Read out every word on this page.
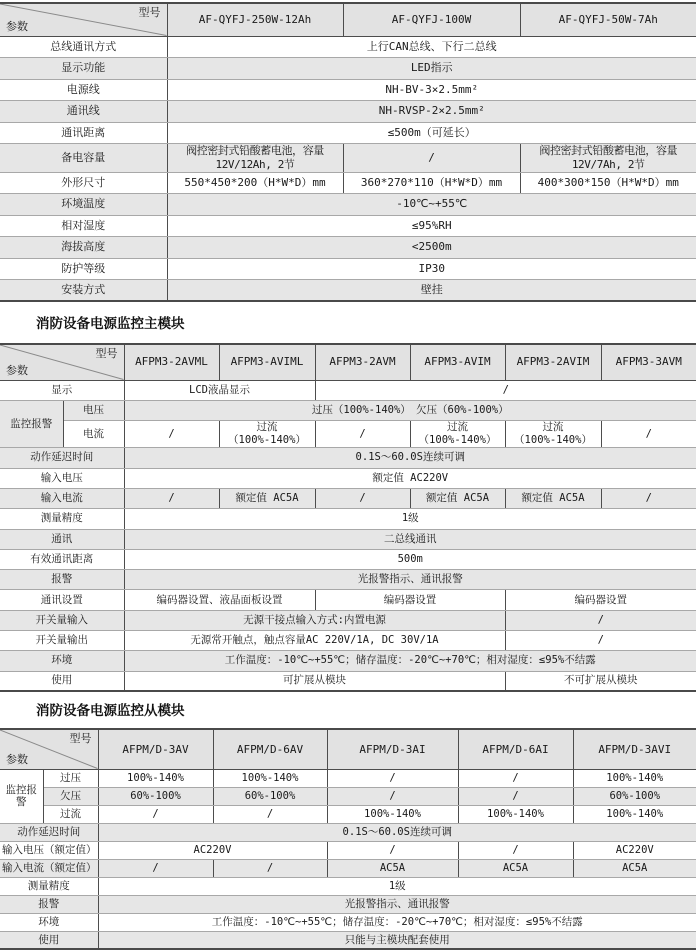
型号
参数	AF-QYFJ-250W-12Ah	AF-QYFJ-100W	AF-QYFJ-50W-7Ah
总线通讯方式	上行CAN总线、下行二总线		
显示功能	LED指示		
电源线	NH-BV-3×2.5mm²		
通讯线	NH-RVSP-2×2.5mm²		
通讯距离	≤500m（可延长）		
备电容量	阀控密封式铅酸蓄电池，容量12V/12Ah, 2节	/	阀控密封式铅酸蓄电池，容量12V/7Ah, 2节
外形尺寸	550*450*200（H*W*D）mm	360*270*110（H*W*D）mm	400*300*150（H*W*D）mm
环境温度	-10℃~+55℃		
相对湿度	≤95%RH		
海拔高度	<2500m		
防护等级	IP30		
安装方式	壁挂		
消防设备电源监控主模块
型号
参数		AFPM3-2AVML	AFPM3-AVIML	AFPM3-2AVM	AFPM3-AVIM	AFPM3-2AVIM	AFPM3-3AVM
显示		LCD液晶显示		/			
监控报警	电压	过压（100%-140%）　欠压（60%-100%）					
	电流	/	过流（100%-140%）	/	过流（100%-140%）	过流（100%-140%）	/
动作延迟时间		0.1S～60.0S连续可调					
输入电压		额定值 AC220V					
输入电流		/	额定值 AC5A	/	额定值 AC5A	额定值 AC5A	/
测量精度		1级					
通讯		二总线通讯					
有效通讯距离		500m					
报警		光报警指示、通讯报警					
通讯设置		编码器设置、液晶面板设置		编码器设置		编码器设置	
开关量输入		无源干接点输入方式:内置电源				/	
开关量输出		无源常开触点，触点容量AC 220V/1A, DC 30V/1A				/	
环境		工作温度：-10℃~+55℃；储存温度：-20℃~+70℃；相对湿度：≤95%不结露					
使用		可扩展从模块				不可扩展从模块	
消防设备电源监控从模块
型号
参数		AFPM/D-3AV	AFPM/D-6AV	AFPM/D-3AI	AFPM/D-6AI	AFPM/D-3AVI
监控报警	过压	100%-140%	100%-140%	/	/	100%-140%
	欠压	60%-100%	60%-100%	/	/	60%-100%
	过流	/	/	100%-140%	100%-140%	100%-140%
动作延迟时间		0.1S～60.0S连续可调				
输入电压（额定值）		AC220V		/	/	AC220V
输入电流（额定值）		/	/	AC5A	AC5A	AC5A
测量精度		1级				
报警		光报警指示、通讯报警				
环境		工作温度：-10℃~+55℃；储存温度：-20℃~+70℃；相对湿度：≤95%不结露				
使用		只能与主模块配套使用				
